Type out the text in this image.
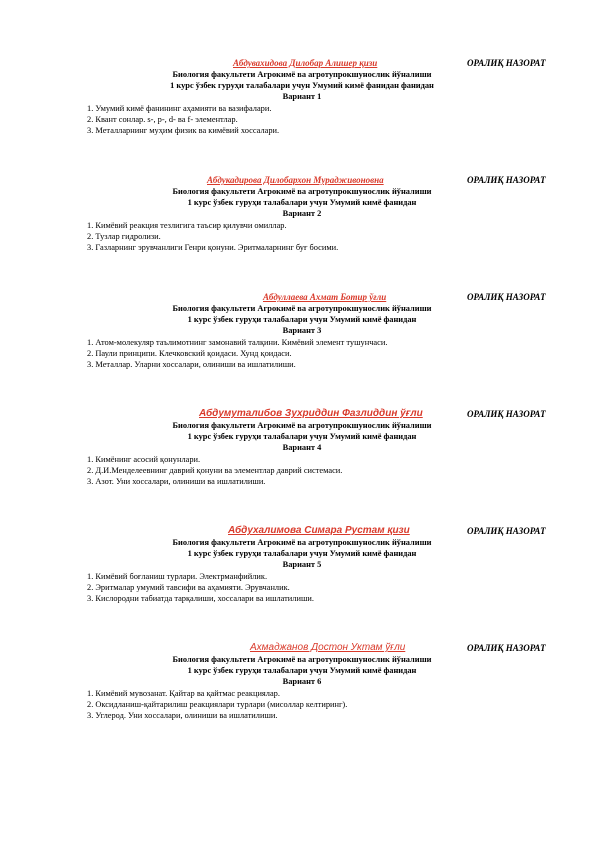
Абдувахидова Дилобар Алишер қизи	ОРАЛИҚ НАЗОРАТ
Биология факультети Агрокимё ва агротупрокшунослик йўналиши
1 курс ўзбек гуруҳи талабалари учун Умумий кимё фанидан фанидан
Вариант 1
1. Умумий кимё фанининг аҳамияти ва вазифалари.
2. Квант сонлар. s-, p-, d- ва f- элементлар.
3. Металларнинг муҳим физик ва кимёвий хоссалари.
Абдукадирова Дилобархон Мурадживоновна	ОРАЛИҚ НАЗОРАТ
Биология факультети Агрокимё ва агротупрокшунослик йўналиши
1 курс ўзбек гуруҳи талабалари учун Умумий кимё фанидан
Вариант 2
1. Кимёвий реакция тезлигига таъсир қилувчи омиллар.
2. Тузлар гидролизи.
3. Газларнинг эрувчанлиги Генри қонуни. Эритмаларнинг буғ босими.
Абдуллаева Ахмат Ботир ўғли	ОРАЛИҚ НАЗОРАТ
Биология факультети Агрокимё ва агротупрокшунослик йўналиши
1 курс ўзбек гуруҳи талабалари учун Умумий кимё фанидан
Вариант 3
1. Атом-молекуляр таълимотнинг замонавий талқини. Кимёвий элемент тушунчаси.
2. Паули принципи. Клечковский қоидаси. Хунд қоидаси.
3. Металлар. Уларни хоссалари, олиниши ва ишлатилиши.
Абдумуталибов Зухриддин Фазлиддин ўғли	ОРАЛИҚ НАЗОРАТ
Биология факультети Агрокимё ва агротупрокшунослик йўналиши
1 курс ўзбек гуруҳи талабалари учун Умумий кимё фанидан
Вариант 4
1. Кимёнинг асосий қонунлари.
2. Д.И.Менделеевнинг даврий қонуни ва элементлар даврий системаси.
3. Азот. Уни хоссалари, олиниши ва ишлатилиши.
Абдухалимова Симара Рустам қизи	ОРАЛИҚ НАЗОРАТ
Биология факультети Агрокимё ва агротупрокшунослик йўналиши
1 курс ўзбек гуруҳи талабалари учун Умумий кимё фанидан
Вариант 5
1. Кимёвий боғланиш турлари. Электрманфийлик.
2. Эритмалар умумий тавсифи ва аҳамияти. Эрувчанлик.
3. Кислородни табиатда тарқалиши, хоссалари ва ишлатилиши.
Ахмаджанов Достон Уктам ўғли	ОРАЛИҚ НАЗОРАТ
Биология факультети Агрокимё ва агротупрокшунослик йўналиши
1 курс ўзбек гуруҳи талабалари учун Умумий кимё фанидан
Вариант 6
1. Кимёвий мувозанат. Қайтар ва қайтмас реакциялар.
2. Оксидланиш-қайтарилиш реакциялари турлари (мисоллар келтиринг).
3. Углерод. Уни хоссалари, олиниши ва ишлатилиши.
